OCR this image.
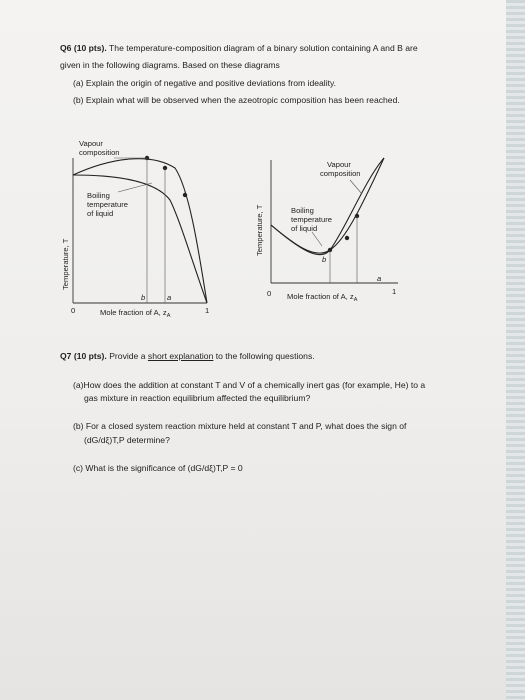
Q6 (10 pts). The temperature-composition diagram of a binary solution containing A and B are
given in the following diagrams. Based on these diagrams
(a) Explain the origin of negative and positive deviations from ideality.
(b) Explain what will be observed when the azeotropic composition has been reached.
Vapour
composition
Boiling
temperature
of liquid
Temperature, T
b	a
0	1
Mole fraction of A, $z_A$
Vapour
composition
Boiling
temperature
of liquid
Temperature, T
b
a
0	1
Mole fraction of A, $z_A$
Q7 (10 pts). Provide a short explanation to the following questions.
(a)How does the addition at constant T and V of a chemically inert gas (for example, He) to a
gas mixture in reaction equilibrium affected the equilibrium?
(b) For a closed system reaction mixture held at constant T and P, what does the sign of
(dG/dξ)T,P determine?
(c) What is the significance of (dG/dξ)T,P = 0
